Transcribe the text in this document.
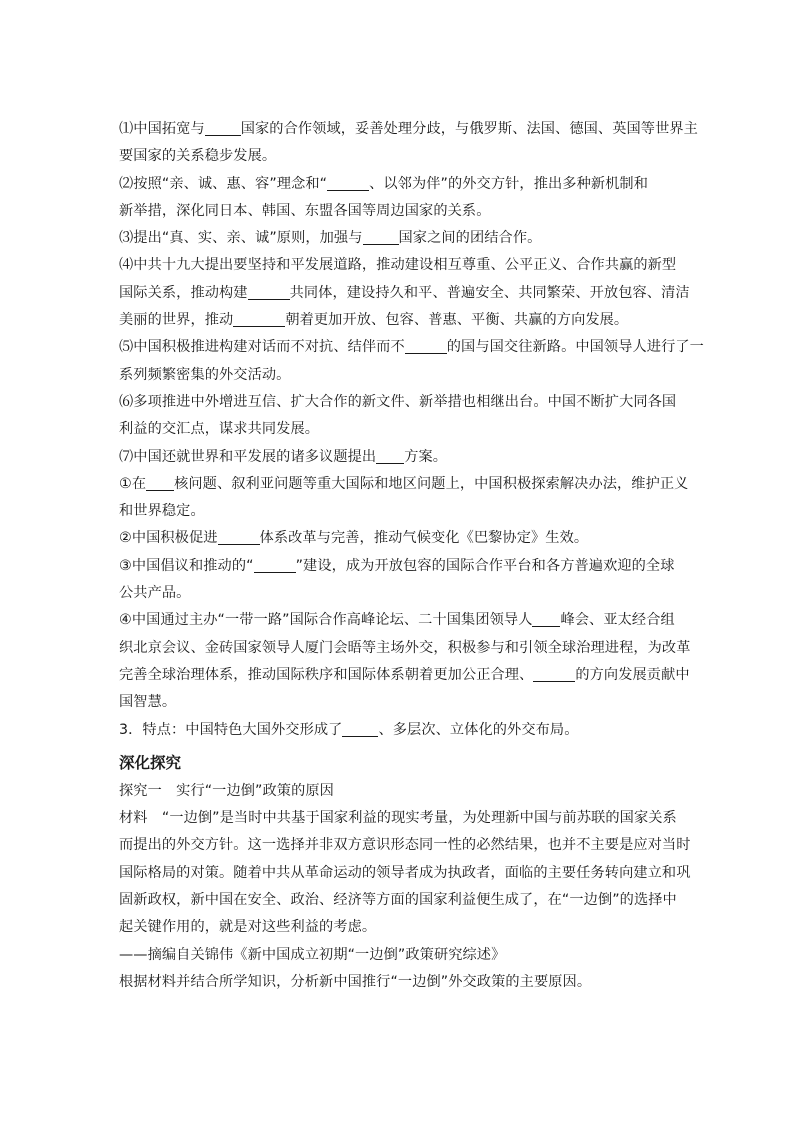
⑴中国拓宽与	国家的合作领域，妥善处理分歧，与俄罗斯、法国、德国、英国等世界主
要国家的关系稳步发展。
⑵按照“亲、诚、惠、容”理念和“	、以邻为伴”的外交方针，推出多种新机制和
新举措，深化同日本、韩国、东盟各国等周边国家的关系。
⑶提出“真、实、亲、诚”原则，加强与	国家之间的团结合作。
⑷中共十九大提出要坚持和平发展道路，推动建设相互尊重、公平正义、合作共赢的新型
国际关系，推动构建	共同体，建设持久和平、普遍安全、共同繁荣、开放包容、清洁
美丽的世界，推动	朝着更加开放、包容、普惠、平衡、共赢的方向发展。
⑸中国积极推进构建对话而不对抗、结伴而不	的国与国交往新路。中国领导人进行了一
系列频繁密集的外交活动。
⑹多项推进中外增进互信、扩大合作的新文件、新举措也相继出台。中国不断扩大同各国
利益的交汇点，谋求共同发展。
⑺中国还就世界和平发展的诸多议题提出 方案。
①在 核问题、叙利亚问题等重大国际和地区问题上，中国积极探索解决办法，维护正义
和世界稳定。
②中国积极促进	体系改革与完善，推动气候变化《巴黎协定》生效。
③中国倡议和推动的“	”建设，成为开放包容的国际合作平台和各方普遍欢迎的全球
公共产品。
④中国通过主办“一带一路”国际合作高峰论坛、二十国集团领导人 峰会、亚太经合组
织北京会议、金砖国家领导人厦门会晤等主场外交，积极参与和引领全球治理进程，为改革
完善全球治理体系，推动国际秩序和国际体系朝着更加公正合理、	的方向发展贡献中
国智慧。
3．特点：中国特色大国外交形成了	、多层次、立体化的外交布局。
深化探究
探究一　实行“一边倒”政策的原因
材料　“一边倒”是当时中共基于国家利益的现实考量，为处理新中国与前苏联的国家关系
而提出的外交方针。这一选择并非双方意识形态同一性的必然结果，也并不主要是应对当时
国际格局的对策。随着中共从革命运动的领导者成为执政者，面临的主要任务转向建立和巩
固新政权，新中国在安全、政治、经济等方面的国家利益便生成了，在“一边倒”的选择中
起关键作用的，就是对这些利益的考虑。
——摘编自关锦伟《新中国成立初期“一边倒”政策研究综述》
根据材料并结合所学知识，分析新中国推行“一边倒”外交政策的主要原因。
